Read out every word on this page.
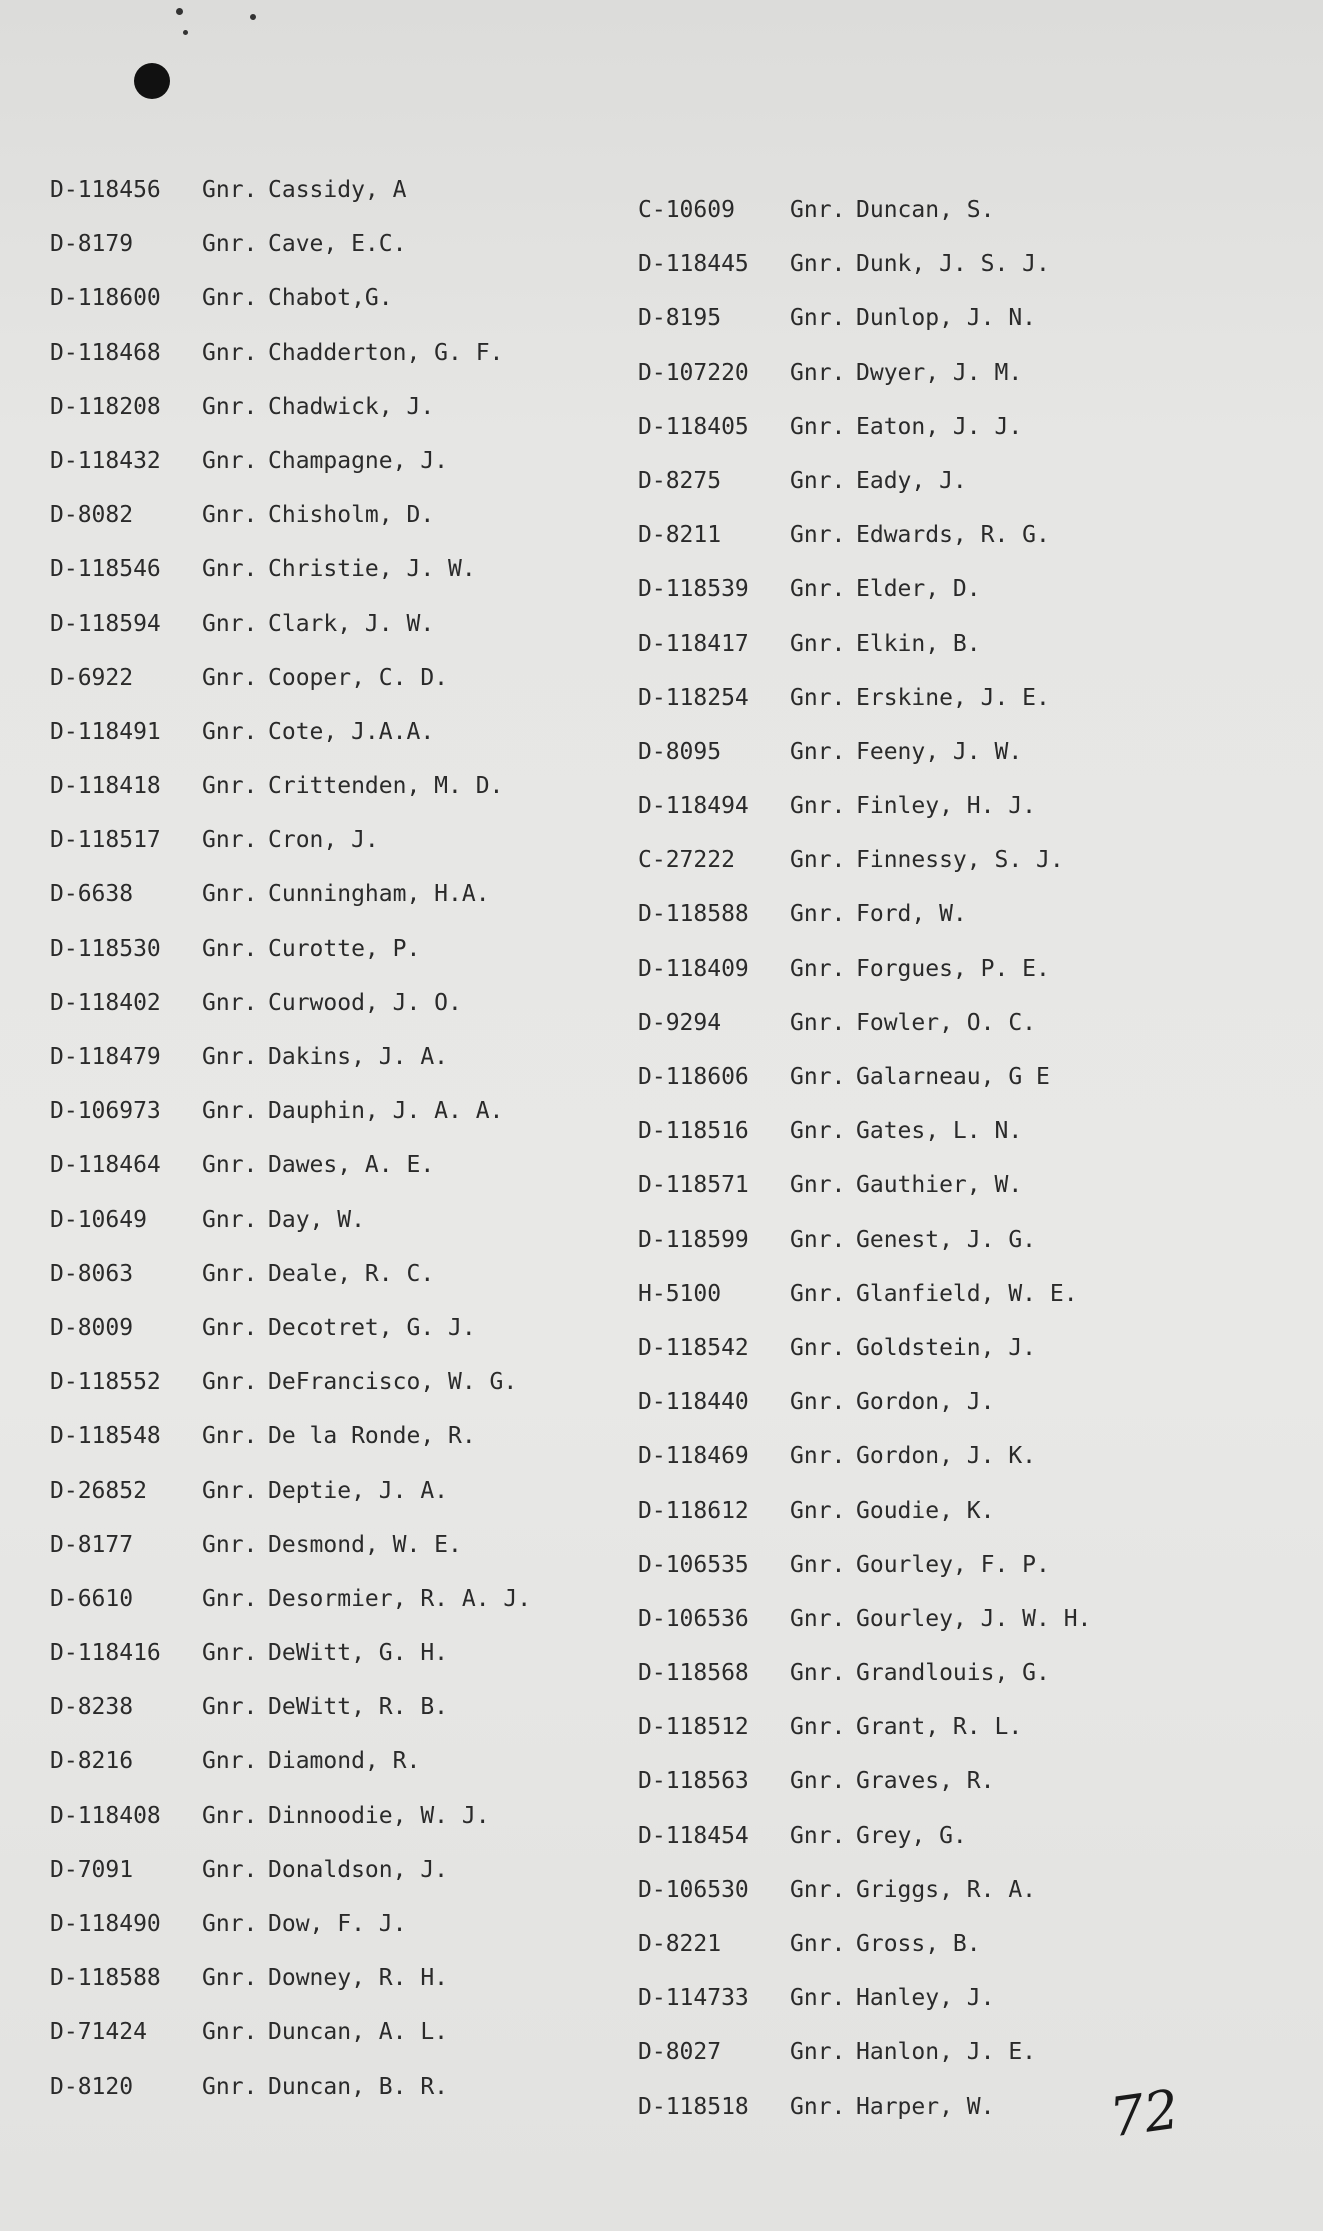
D-118456 Gnr. Cassidy, A
D-8179	Gnr. Cave, E.C.
D-118600 Gnr. Chabot,G.
D-118468 Gnr. Chadderton, G. F.
D-118208 Gnr. Chadwick, J.
D-118432 Gnr. Champagne, J.
D-8082	Gnr. Chisholm, D.
D-118546 Gnr. Christie, J. W.
D-118594 Gnr. Clark, J. W.
D-6922	Gnr. Cooper, C. D.
D-118491 Gnr. Cote, J.A.A.
D-118418 Gnr. Crittenden, M. D.
D-118517 Gnr. Cron, J.
D-6638	Gnr. Cunningham, H.A.
D-118530 Gnr. Curotte, P.
D-118402 Gnr. Curwood, J. O.
D-118479 Gnr. Dakins, J. A.
D-106973 Gnr. Dauphin, J. A. A.
D-118464 Gnr. Dawes, A. E.
D-10649 Gnr. Day, W.
D-8063	Gnr. Deale, R. C.
D-8009	Gnr. Decotret, G. J.
D-118552 Gnr. DeFrancisco, W. G.
D-118548 Gnr. De la Ronde, R.
D-26852 Gnr. Deptie, J. A.
D-8177	Gnr. Desmond, W. E.
D-6610	Gnr. Desormier, R. A. J.
D-118416 Gnr. DeWitt, G. H.
D-8238	Gnr. DeWitt, R. B.
D-8216	Gnr. Diamond, R.
D-118408 Gnr. Dinnoodie, W. J.
D-7091	Gnr. Donaldson, J.
D-118490 Gnr. Dow, F. J.
D-118588 Gnr. Downey, R. H.
D-71424 Gnr. Duncan, A. L.
D-8120	Gnr. Duncan, B. R.
C-10609 Gnr. Duncan, S.
D-118445 Gnr. Dunk, J. S. J.
D-8195	Gnr. Dunlop, J. N.
D-107220 Gnr. Dwyer, J. M.
D-118405 Gnr. Eaton, J. J.
D-8275	Gnr. Eady, J.
D-8211	Gnr. Edwards, R. G.
D-118539 Gnr. Elder, D.
D-118417 Gnr. Elkin, B.
D-118254 Gnr. Erskine, J. E.
D-8095	Gnr. Feeny, J. W.
D-118494 Gnr. Finley, H. J.
C-27222 Gnr. Finnessy, S. J.
D-118588 Gnr. Ford, W.
D-118409 Gnr. Forgues, P. E.
D-9294	Gnr. Fowler, O. C.
D-118606 Gnr. Galarneau, G E
D-118516 Gnr. Gates, L. N.
D-118571 Gnr. Gauthier, W.
D-118599 Gnr. Genest, J. G.
H-5100	Gnr. Glanfield, W. E.
D-118542 Gnr. Goldstein, J.
D-118440 Gnr. Gordon, J.
D-118469 Gnr. Gordon, J. K.
D-118612 Gnr. Goudie, K.
D-106535 Gnr. Gourley, F. P.
D-106536 Gnr. Gourley, J. W. H.
D-118568 Gnr. Grandlouis, G.
D-118512 Gnr. Grant, R. L.
D-118563 Gnr. Graves, R.
D-118454 Gnr. Grey, G.
D-106530 Gnr. Griggs, R. A.
D-8221	Gnr. Gross, B.
D-114733 Gnr. Hanley, J.
D-8027	Gnr. Hanlon, J. E.
D-118518 Gnr. Harper, W.	72
